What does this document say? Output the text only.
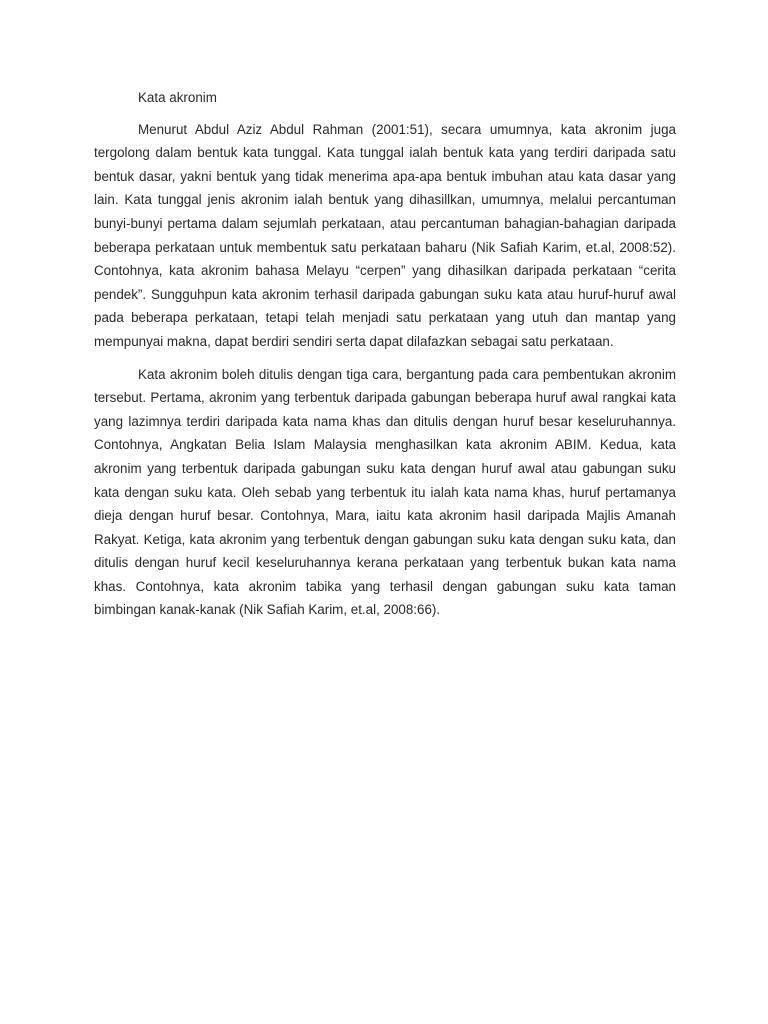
Kata akronim

Menurut Abdul Aziz Abdul Rahman (2001:51), secara umumnya, kata akronim juga tergolong dalam bentuk kata tunggal. Kata tunggal ialah bentuk kata yang terdiri daripada satu bentuk dasar, yakni bentuk yang tidak menerima apa-apa bentuk imbuhan atau kata dasar yang lain. Kata tunggal jenis akronim ialah bentuk yang dihasillkan, umumnya, melalui percantuman bunyi-bunyi pertama dalam sejumlah perkataan, atau percantuman bahagian-bahagian daripada beberapa perkataan untuk membentuk satu perkataan baharu (Nik Safiah Karim, et.al, 2008:52). Contohnya, kata akronim bahasa Melayu “cerpen” yang dihasilkan daripada perkataan “cerita pendek”. Sungguhpun kata akronim terhasil daripada gabungan suku kata atau huruf-huruf awal pada beberapa perkataan, tetapi telah menjadi satu perkataan yang utuh dan mantap yang mempunyai makna, dapat berdiri sendiri serta dapat dilafazkan sebagai satu perkataan.

Kata akronim boleh ditulis dengan tiga cara, bergantung pada cara pembentukan akronim tersebut. Pertama, akronim yang terbentuk daripada gabungan beberapa huruf awal rangkai kata yang lazimnya terdiri daripada kata nama khas dan ditulis dengan huruf besar keseluruhannya. Contohnya, Angkatan Belia Islam Malaysia menghasilkan kata akronim ABIM. Kedua, kata akronim yang terbentuk daripada gabungan suku kata dengan huruf awal atau gabungan suku kata dengan suku kata. Oleh sebab yang terbentuk itu ialah kata nama khas, huruf pertamanya dieja dengan huruf besar. Contohnya, Mara, iaitu kata akronim hasil daripada Majlis Amanah Rakyat. Ketiga, kata akronim yang terbentuk dengan gabungan suku kata dengan suku kata, dan ditulis dengan huruf kecil keseluruhannya kerana perkataan yang terbentuk bukan kata nama khas. Contohnya, kata akronim tabika yang terhasil dengan gabungan suku kata taman bimbingan kanak-kanak (Nik Safiah Karim, et.al, 2008:66).
